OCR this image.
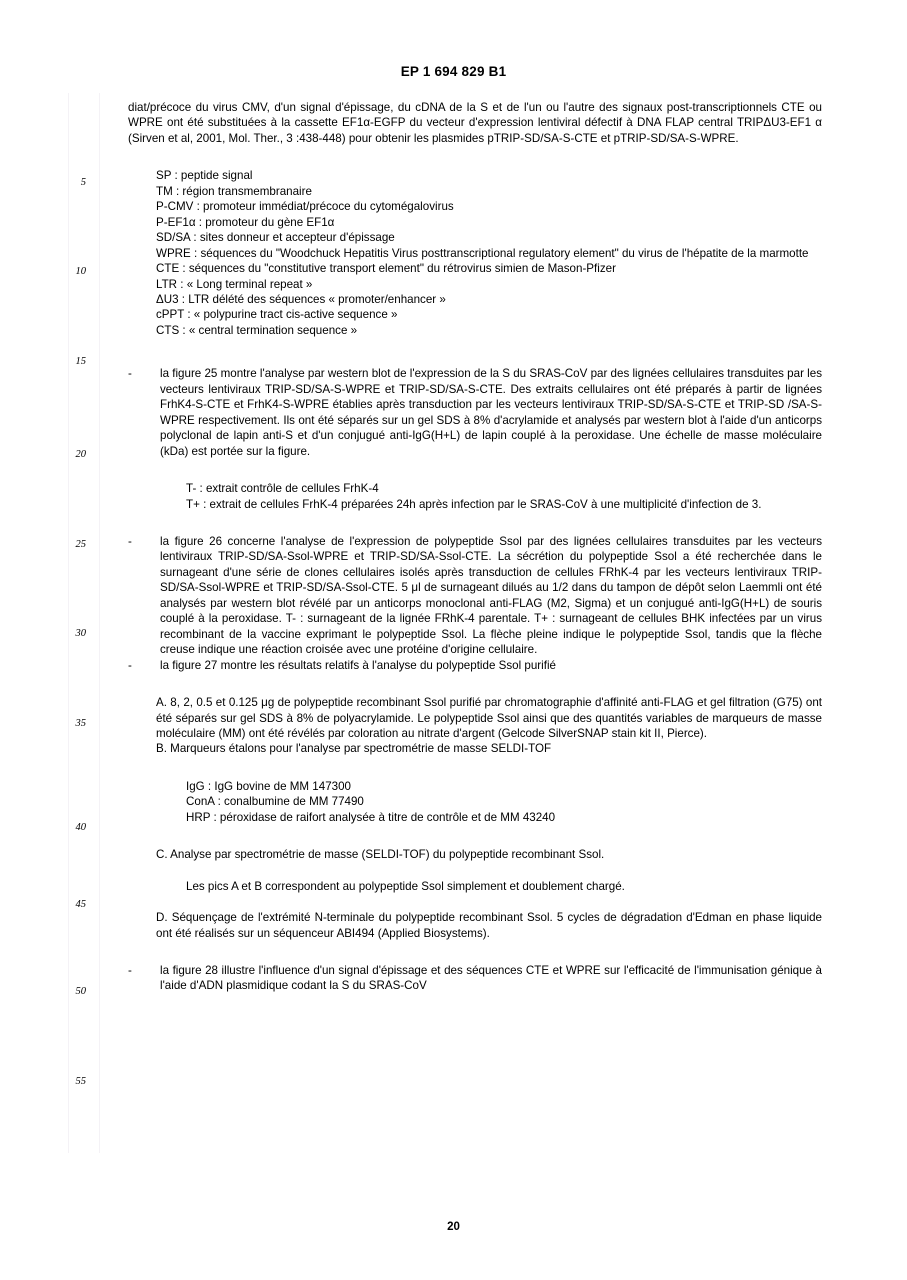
EP 1 694 829 B1
5
10
15
20
25
30
35
40
45
50
55

diat/précoce du virus CMV, d'un signal d'épissage, du cDNA de la S et de l'un ou l'autre des signaux post-transcriptionnels CTE ou WPRE ont été substituées à la cassette EF1α-EGFP du vecteur d'expression lentiviral défectif à DNA FLAP central TRIPΔU3-EF1 α (Sirven et al, 2001, Mol. Ther., 3 :438-448) pour obtenir les plasmides pTRIP-SD/SA-S-CTE et pTRIP-SD/SA-S-WPRE.

SP : peptide signal
TM : région transmembranaire
P-CMV : promoteur immédiat/précoce du cytomégalovirus
P-EF1α : promoteur du gène EF1α
SD/SA : sites donneur et accepteur d'épissage
WPRE : séquences du "Woodchuck Hepatitis Virus posttranscriptional regulatory element" du virus de l'hépatite de la marmotte
CTE : séquences du "constitutive transport element" du rétrovirus simien de Mason-Pfizer
LTR : « Long terminal repeat »
ΔU3 : LTR délété des séquences « promoter/enhancer »
cPPT : « polypurine tract cis-active sequence »
CTS : « central termination sequence »
-	la figure 25 montre l'analyse par western blot de l'expression de la S du SRAS-CoV par des lignées cellulaires transduites par les vecteurs lentiviraux TRIP-SD/SA-S-WPRE et TRIP-SD/SA-S-CTE. Des extraits cellulaires ont été préparés à partir de lignées FrhK4-S-CTE et FrhK4-S-WPRE établies après transduction par les vecteurs lentiviraux TRIP-SD/SA-S-CTE et TRIP-SD /SA-S-WPRE respectivement. Ils ont été séparés sur un gel SDS à 8% d'acrylamide et analysés par western blot à l'aide d'un anticorps polyclonal de lapin anti-S et d'un conjugué anti-IgG(H+L) de lapin couplé à la peroxidase. Une échelle de masse moléculaire (kDa) est portée sur la figure.

T- : extrait contrôle de cellules FrhK-4
T+ : extrait de cellules FrhK-4 préparées 24h après infection par le SRAS-CoV à une multiplicité d'infection de 3.
-	la figure 26 concerne l'analyse de l'expression de polypeptide Ssol par des lignées cellulaires transduites par les vecteurs lentiviraux TRIP-SD/SA-Ssol-WPRE et TRIP-SD/SA-Ssol-CTE. La sécrétion du polypeptide Ssol a été recherchée dans le surnageant d'une série de clones cellulaires isolés après transduction de cellules FRhK-4 par les vecteurs lentiviraux TRIP-SD/SA-Ssol-WPRE et TRIP-SD/SA-Ssol-CTE. 5 μl de surnageant dilués au 1/2 dans du tampon de dépôt selon Laemmli ont été analysés par western blot révélé par un anticorps monoclonal anti-FLAG (M2, Sigma) et un conjugué anti-IgG(H+L) de souris couplé à la peroxidase. T- : surnageant de la lignée FRhK-4 parentale. T+ : surnageant de cellules BHK infectées par un virus recombinant de la vaccine exprimant le polypeptide Ssol. La flèche pleine indique le polypeptide Ssol, tandis que la flèche creuse indique une réaction croisée avec une protéine d'origine cellulaire.

-	la figure 27 montre les résultats relatifs à l'analyse du polypeptide Ssol purifié

A. 8, 2, 0.5 et 0.125 μg de polypeptide recombinant Ssol purifié par chromatographie d'affinité anti-FLAG et gel filtration (G75) ont été séparés sur gel SDS à 8% de polyacrylamide. Le polypeptide Ssol ainsi que des quantités variables de marqueurs de masse moléculaire (MM) ont été révélés par coloration au nitrate d'argent (Gelcode SilverSNAP stain kit II, Pierce).

B. Marqueurs étalons pour l'analyse par spectrométrie de masse SELDI-TOF

IgG : IgG bovine de MM 147300
ConA : conalbumine de MM 77490
HRP : péroxidase de raifort analysée à titre de contrôle et de MM 43240

C. Analyse par spectrométrie de masse (SELDI-TOF) du polypeptide recombinant Ssol.

Les pics A et B correspondent au polypeptide Ssol simplement et doublement chargé.

D. Séquençage de l'extrémité N-terminale du polypeptide recombinant Ssol. 5 cycles de dégradation d'Edman en phase liquide ont été réalisés sur un séquenceur ABI494 (Applied Biosystems).

-	la figure 28 illustre l'influence d'un signal d'épissage et des séquences CTE et WPRE sur l'efficacité de l'immunisation génique à l'aide d'ADN plasmidique codant la S du SRAS-CoV

20
